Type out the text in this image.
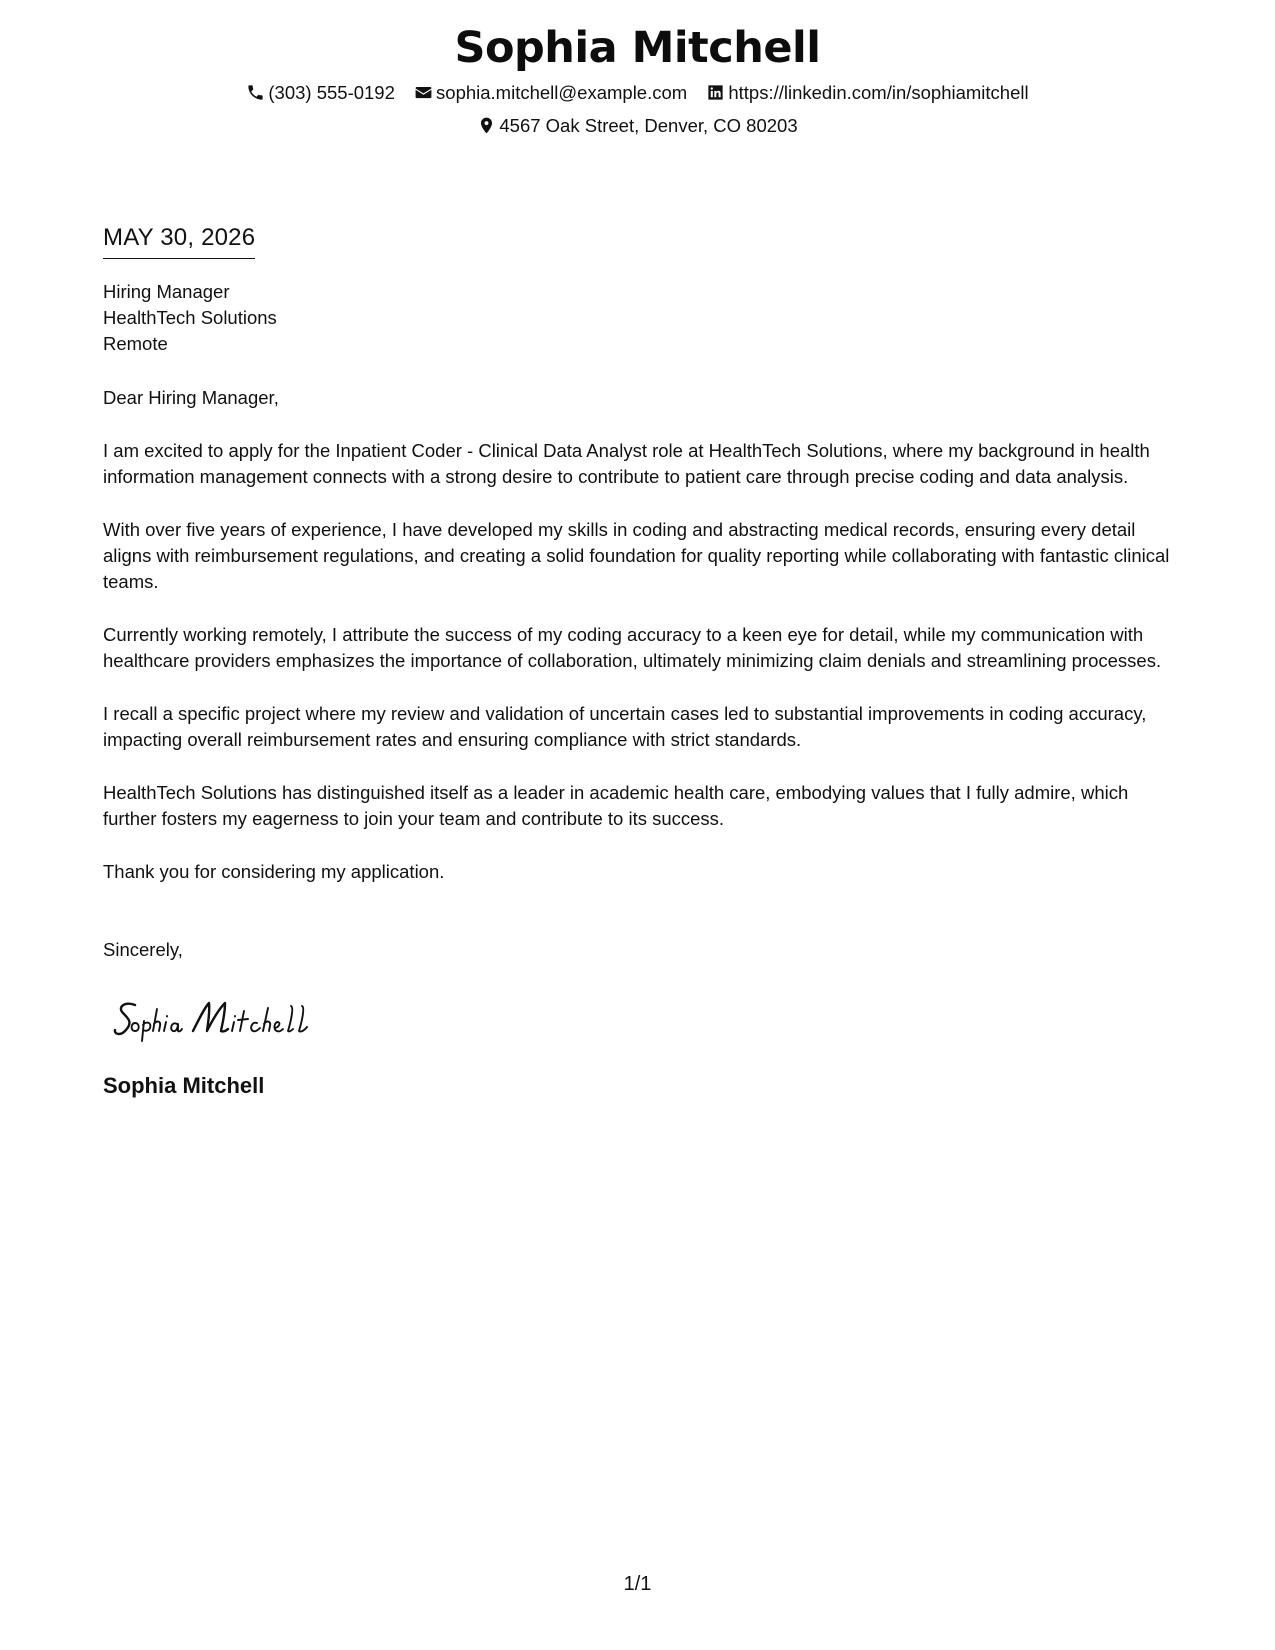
Sophia Mitchell
(303) 555-0192 sophia.mitchell@example.com https://linkedin.com/in/sophiamitchell
4567 Oak Street, Denver, CO 80203
MAY 30, 2026
Hiring Manager
HealthTech Solutions
Remote
Dear Hiring Manager,

I am excited to apply for the Inpatient Coder - Clinical Data Analyst role at HealthTech Solutions, where my background in health information management connects with a strong desire to contribute to patient care through precise coding and data analysis.

With over five years of experience, I have developed my skills in coding and abstracting medical records, ensuring every detail aligns with reimbursement regulations, and creating a solid foundation for quality reporting while collaborating with fantastic clinical teams.

Currently working remotely, I attribute the success of my coding accuracy to a keen eye for detail, while my communication with healthcare providers emphasizes the importance of collaboration, ultimately minimizing claim denials and streamlining processes.

I recall a specific project where my review and validation of uncertain cases led to substantial improvements in coding accuracy, impacting overall reimbursement rates and ensuring compliance with strict standards.

HealthTech Solutions has distinguished itself as a leader in academic health care, embodying values that I fully admire, which further fosters my eagerness to join your team and contribute to its success.

Thank you for considering my application.

Sincerely,
Sophia Mitchell
1/1
